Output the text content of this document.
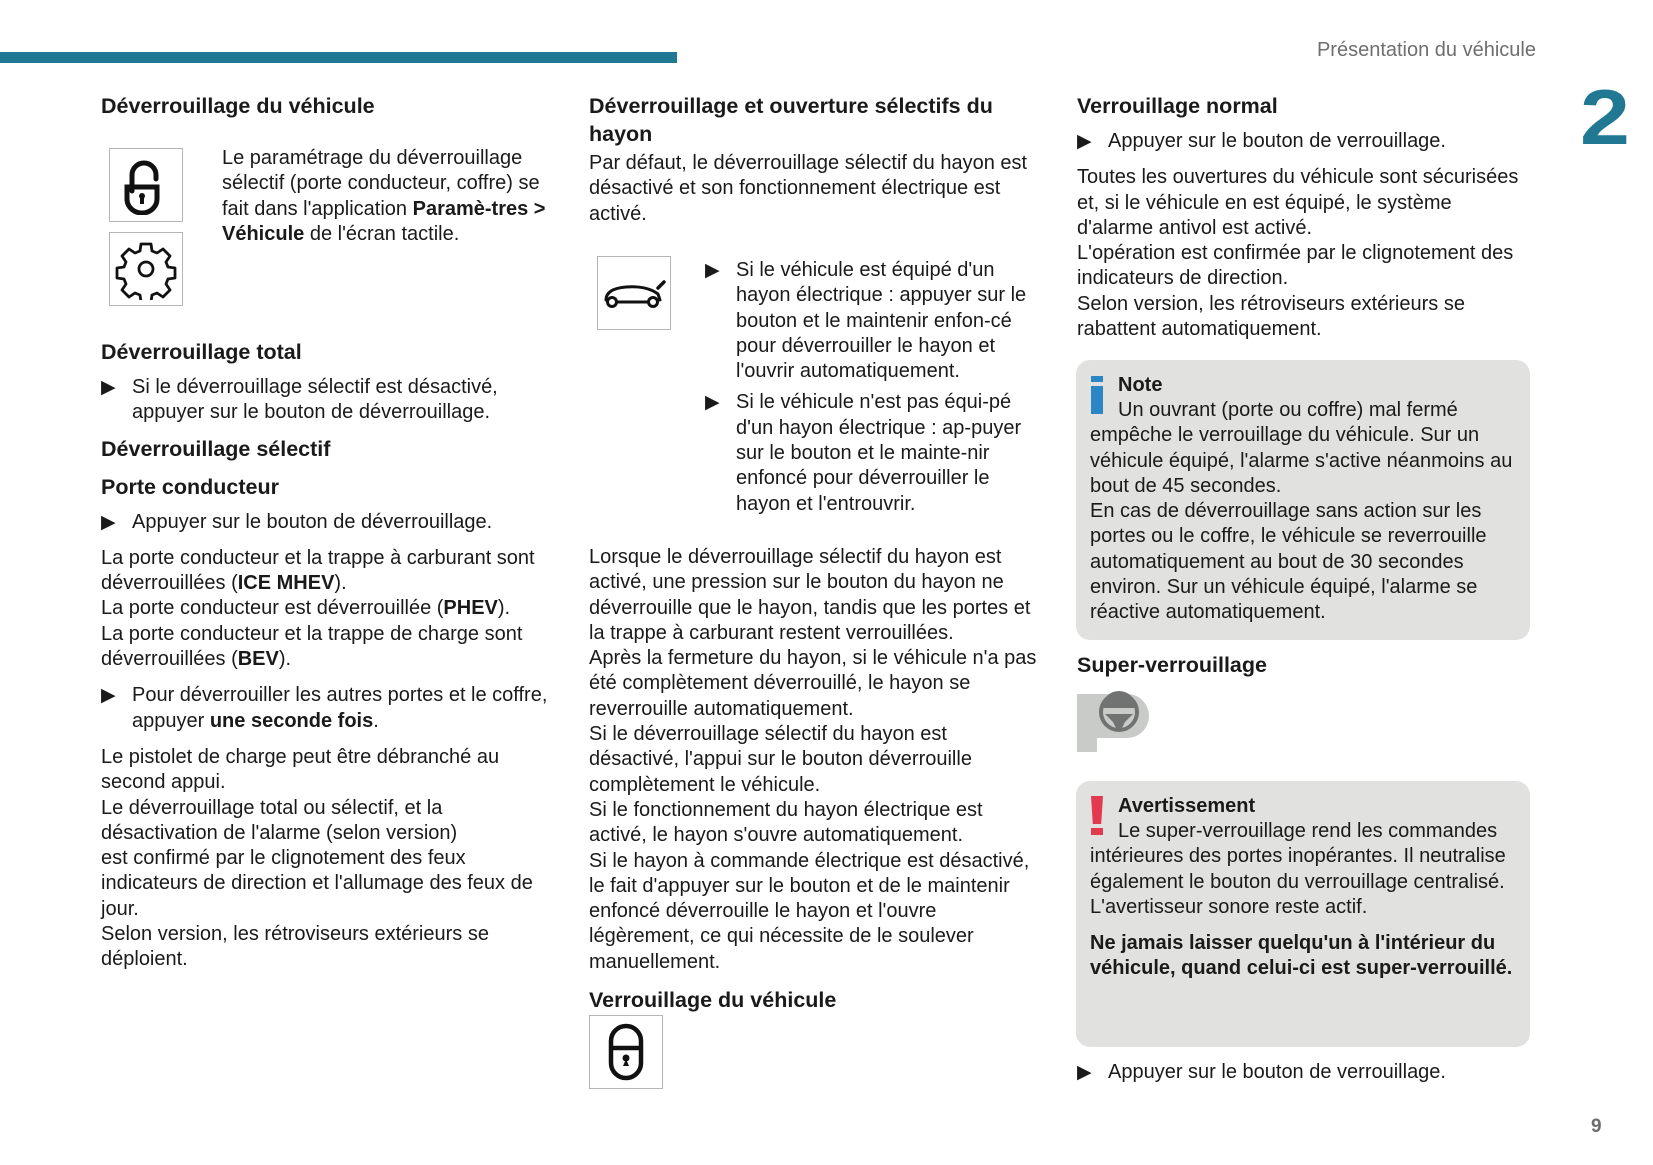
Présentation du véhicule
2
9
Déverrouillage du véhicule

Le paramétrage du déverrouillage sélectif (porte conducteur, coffre) se fait dans l'application Paramè-tres > Véhicule de l'écran tactile.

Déverrouillage total
▶ Si le déverrouillage sélectif est désactivé, appuyer sur le bouton de déverrouillage.
Déverrouillage sélectif
Porte conducteur
▶ Appuyer sur le bouton de déverrouillage.

La porte conducteur et la trappe à carburant sont déverrouillées (ICE MHEV).
La porte conducteur est déverrouillée (PHEV).
La porte conducteur et la trappe de charge sont déverrouillées (BEV).

▶ Pour déverrouiller les autres portes et le coffre, appuyer une seconde fois.

Le pistolet de charge peut être débranché au second appui.
Le déverrouillage total ou sélectif, et la désactivation de l'alarme (selon version)
est confirmé par le clignotement des feux indicateurs de direction et l'allumage des feux de jour.
Selon version, les rétroviseurs extérieurs se déploient.

Déverrouillage et ouverture sélectifs du hayon

Par défaut, le déverrouillage sélectif du hayon est désactivé et son fonctionnement électrique est activé.

▶ Si le véhicule est équipé d'un hayon électrique : appuyer sur le bouton et le maintenir enfon-cé pour déverrouiller le hayon et l'ouvrir automatiquement.
▶ Si le véhicule n'est pas équi-pé d'un hayon électrique : ap-puyer sur le bouton et le mainte-nir enfoncé pour déverrouiller le hayon et l'entrouvrir.

Lorsque le déverrouillage sélectif du hayon est activé, une pression sur le bouton du hayon ne déverrouille que le hayon, tandis que les portes et la trappe à carburant restent verrouillées.
Après la fermeture du hayon, si le véhicule n'a pas été complètement déverrouillé, le hayon se reverrouille automatiquement.
Si le déverrouillage sélectif du hayon est désactivé, l'appui sur le bouton déverrouille complètement le véhicule.
Si le fonctionnement du hayon électrique est activé, le hayon s'ouvre automatiquement.
Si le hayon à commande électrique est désactivé, le fait d'appuyer sur le bouton et de le maintenir enfoncé déverrouille le hayon et l'ouvre légèrement, ce qui nécessite de le soulever manuellement.

Verrouillage du véhicule
Verrouillage normal
▶ Appuyer sur le bouton de verrouillage.

Toutes les ouvertures du véhicule sont sécurisées et, si le véhicule en est équipé, le système d'alarme antivol est activé.
L'opération est confirmée par le clignotement des indicateurs de direction.
Selon version, les rétroviseurs extérieurs se rabattent automatiquement.

Note

Un ouvrant (porte ou coffre) mal fermé empêche le verrouillage du véhicule. Sur un véhicule équipé, l'alarme s'active néanmoins au bout de 45 secondes.

En cas de déverrouillage sans action sur les portes ou le coffre, le véhicule se reverrouille automatiquement au bout de 30 secondes environ. Sur un véhicule équipé, l'alarme se réactive automatiquement.

Super-verrouillage
Avertissement

Le super-verrouillage rend les commandes intérieures des portes inopérantes. Il neutralise également le bouton du verrouillage centralisé.

L'avertisseur sonore reste actif.

Ne jamais laisser quelqu'un à l'intérieur du véhicule, quand celui-ci est super-verrouillé.

▶ Appuyer sur le bouton de verrouillage.
